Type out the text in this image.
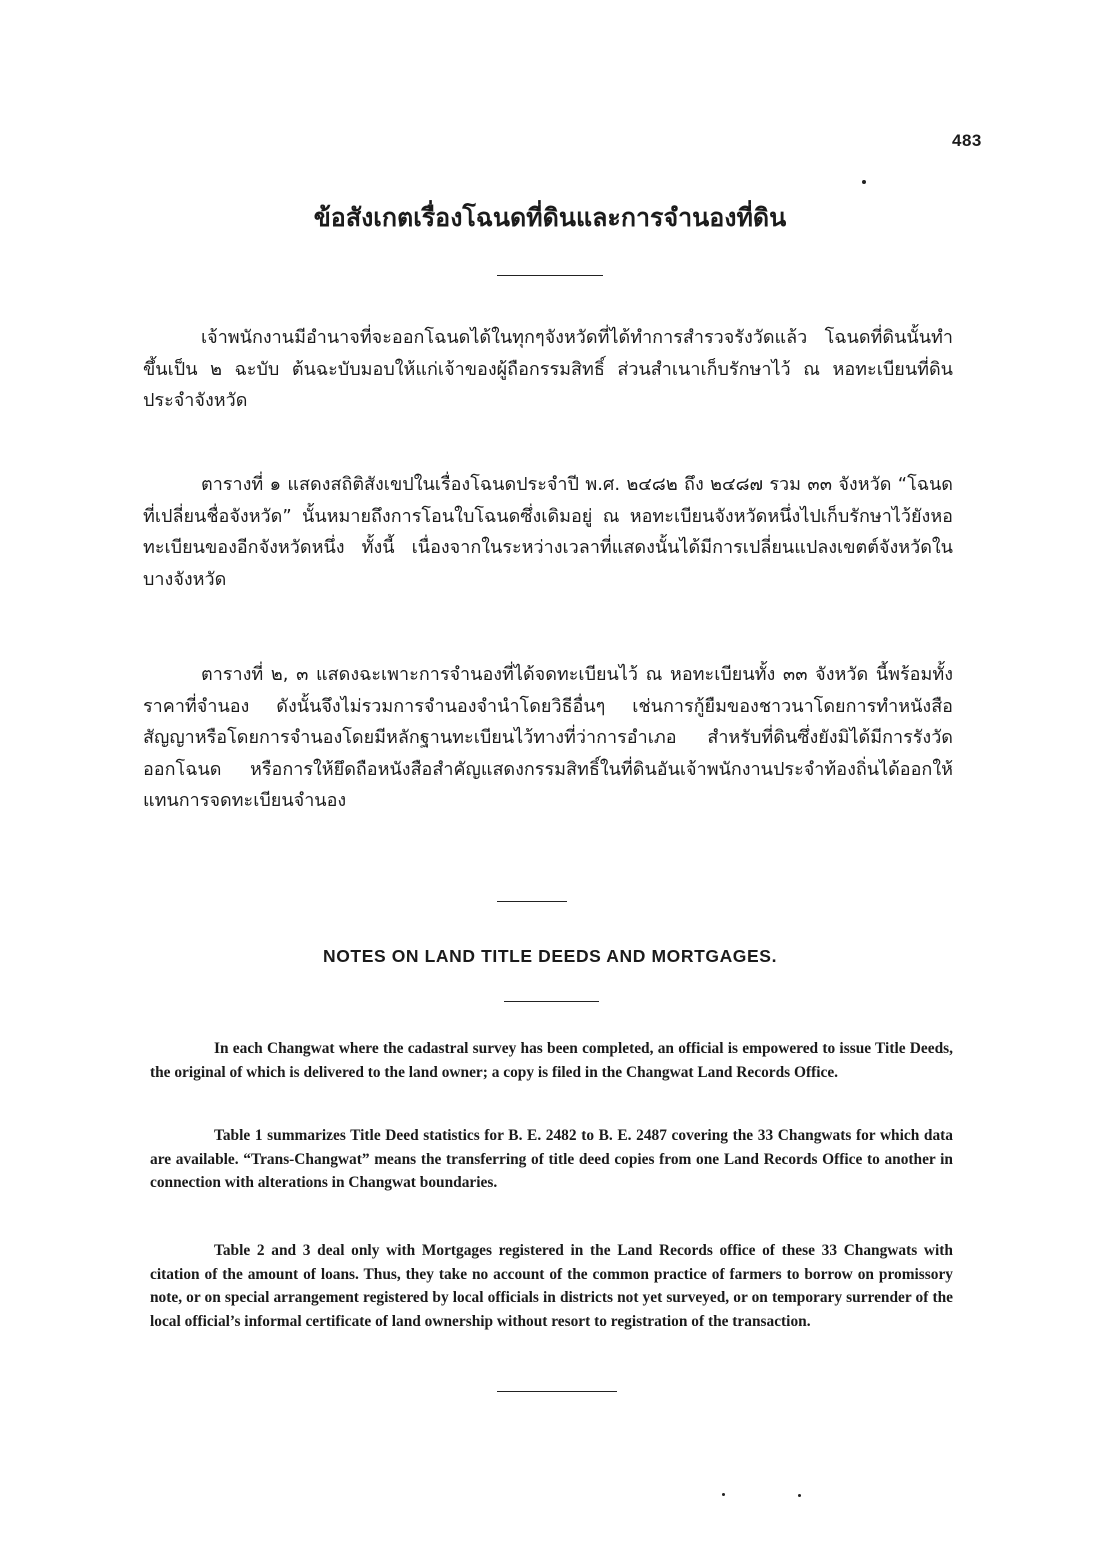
483
ข้อสังเกตเรื่องโฉนดที่ดินและการจำนองที่ดิน

เจ้าพนักงานมีอำนาจที่จะออกโฉนดได้ในทุกๆจังหวัดที่ได้ทำการสำรวจรังวัดแล้ว โฉนดที่ดินนั้นทำขึ้นเป็น ๒ ฉะบับ ต้นฉะบับมอบให้แก่เจ้าของผู้ถือกรรมสิทธิ์ ส่วนสำเนาเก็บรักษาไว้ ณ หอทะเบียนที่ดินประจำจังหวัด

ตารางที่ ๑ แสดงสถิติสังเขปในเรื่องโฉนดประจำปี พ.ศ. ๒๔๘๒ ถึง ๒๔๘๗ รวม ๓๓ จังหวัด “โฉนดที่เปลี่ยนชื่อจังหวัด” นั้นหมายถึงการโอนใบโฉนดซึ่งเดิมอยู่ ณ หอทะเบียนจังหวัดหนึ่งไปเก็บรักษาไว้ยังหอทะเบียนของอีกจังหวัดหนึ่ง ทั้งนี้ เนื่องจากในระหว่างเวลาที่แสดงนั้นได้มีการเปลี่ยนแปลงเขตต์จังหวัดในบางจังหวัด

ตารางที่ ๒, ๓ แสดงฉะเพาะการจำนองที่ได้จดทะเบียนไว้ ณ หอทะเบียนทั้ง ๓๓ จังหวัด นี้พร้อมทั้งราคาที่จำนอง ดังนั้นจึงไม่รวมการจำนองจำนำโดยวิธีอื่นๆ เช่นการกู้ยืมของชาวนาโดยการทำหนังสือสัญญาหรือโดยการจำนองโดยมีหลักฐานทะเบียนไว้ทางที่ว่าการอำเภอ สำหรับที่ดินซึ่งยังมิได้มีการรังวัดออกโฉนด หรือการให้ยึดถือหนังสือสำคัญแสดงกรรมสิทธิ์ในที่ดินอันเจ้าพนักงานประจำท้องถิ่นได้ออกให้แทนการจดทะเบียนจำนอง

NOTES ON LAND TITLE DEEDS AND MORTGAGES.

In each Changwat where the cadastral survey has been completed, an official is empowered to issue Title Deeds, the original of which is delivered to the land owner; a copy is filed in the Changwat Land Records Office.

Table 1 summarizes Title Deed statistics for B. E. 2482 to B. E. 2487 covering the 33 Changwats for which data are available. “Trans-Changwat” means the transferring of title deed copies from one Land Records Office to another in connection with alterations in Changwat boundaries.

Table 2 and 3 deal only with Mortgages registered in the Land Records office of these 33 Changwats with citation of the amount of loans. Thus, they take no account of the common practice of farmers to borrow on promissory note, or on special arrangement registered by local officials in districts not yet surveyed, or on temporary surrender of the local official’s informal certificate of land ownership without resort to registration of the transaction.
